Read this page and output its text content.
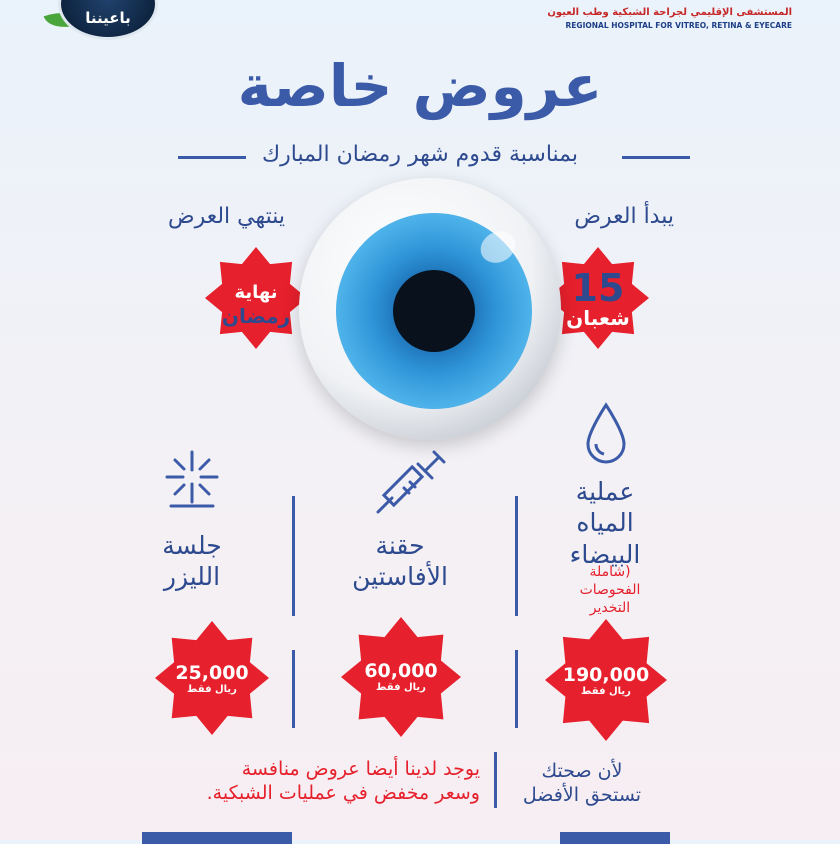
باعيننا	المستشفى الإقليمي لجراحة الشبكية وطب العيون
REGIONAL HOSPITAL FOR VITREO, RETINA & EYECARE
عروض خاصة
بمناسبة قدوم شهر رمضان المبارك
يبدأ العرض
ينتهي العرض
15
شعبان
نهاية
رمضان
عملية
المياه
البيضاء
(شاملة
الفحوصات
التخدير
حقنة
الأفاستين
جلسة
الليزر
190,000
ريال فقط
60,000
ريال فقط
25,000
ريال فقط
لأن صحتك
تستحق الأفضل
يوجد لدينا أيضا عروض منافسة
وسعر مخفض في عمليات الشبكية.
